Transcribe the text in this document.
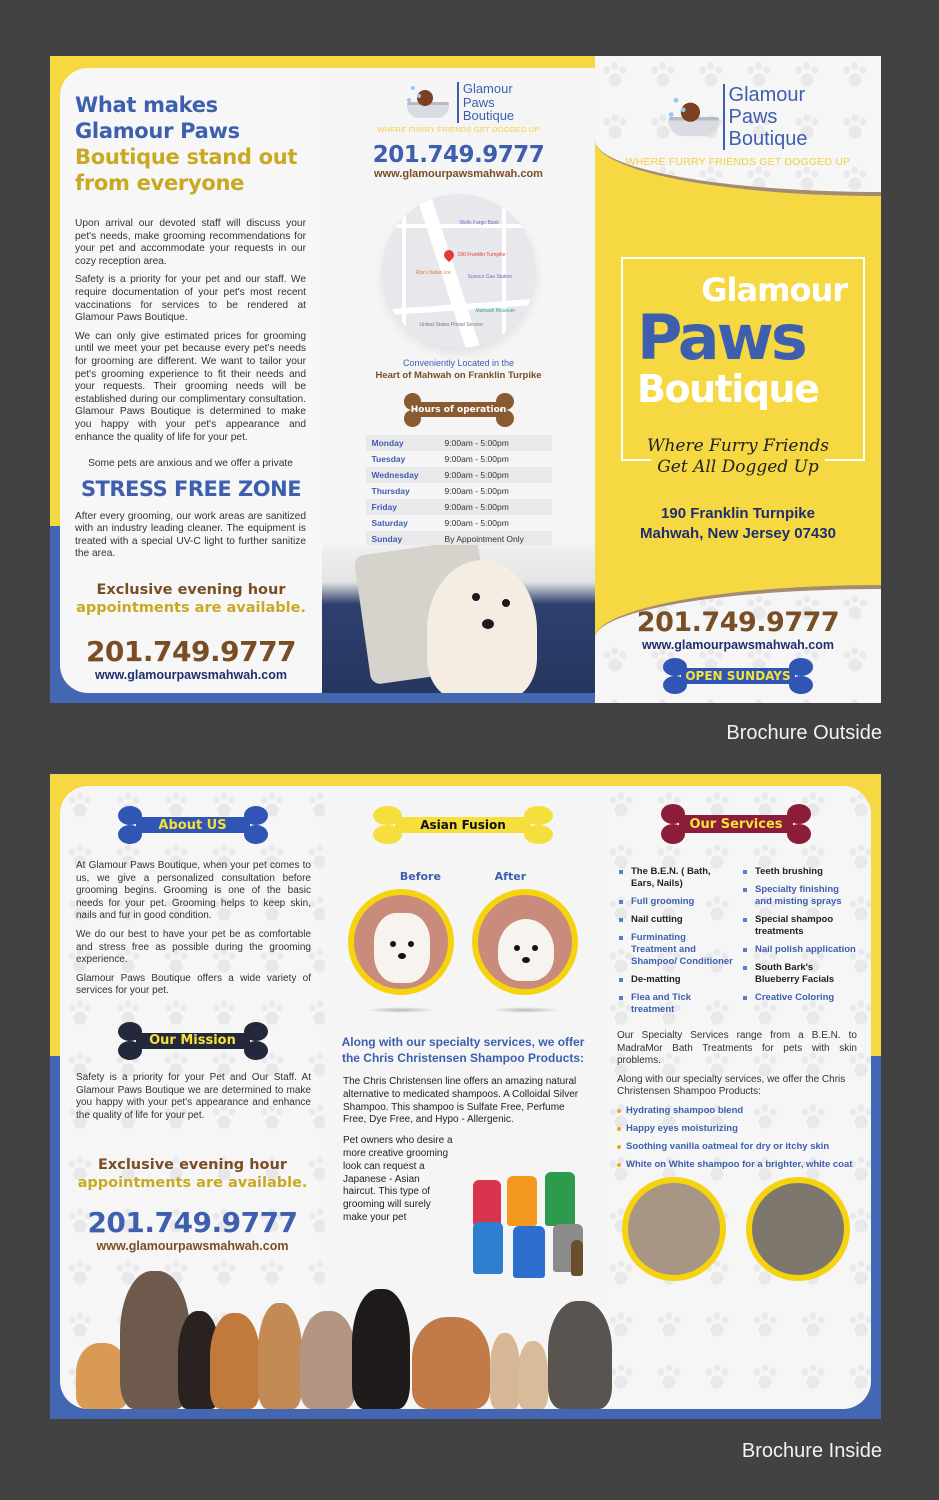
What makes
Glamour Paws
Boutique stand out
from everyone

Upon arrival our devoted staff will discuss your pet's needs, make grooming recommendations for your pet and accommodate your requests in our cozy reception area.

Safety is a priority for your pet and our staff. We require documentation of your pet's most recent vaccinations for services to be rendered at Glamour Paws Boutique.

We can only give estimated prices for grooming until we meet your pet because every pet's needs for grooming are different. We want to tailor your pet's grooming experience to fit their needs and your requests. Their grooming needs will be established during our complimentary consultation. Glamour Paws Boutique is determined to make you happy with your pet's appearance and enhance the quality of life for your pet.

Some pets are anxious and we offer a private

STRESS FREE ZONE

After every grooming, our work areas are sanitized with an industry leading cleaner. The equipment is treated with a special UV-C light to further sanitize the area.

Exclusive evening hour
appointments are available.
201.749.9777
www.glamourpawsmahwah.com
Glamour
Paws
Boutique
WHERE FURRY FRIENDS GET DOGGED UP
201.749.9777
www.glamourpawsmahwah.com
190 Franklin Turnpike
Rita's Italian Ice
Sunoco Gas Station
Wells Fargo Bank
Mahwah Museum
United States Postal Service
Conveniently Located in the
Heart of Mahwah on Franklin Turpike
Hours of operation
Monday	9:00am - 5:00pm
Tuesday	9:00am - 5:00pm
Wednesday	9:00am - 5:00pm
Thursday	9:00am - 5:00pm
Friday	9:00am - 5:00pm
Saturday	9:00am - 5:00pm
Sunday	By Appointment Only
Glamour
Paws
Boutique
WHERE FURRY FRIENDS GET DOGGED UP
Glamour
Paws
Boutique
Where Furry Friends
Get All Dogged Up
190 Franklin Turnpike
Mahwah, New Jersey 07430
201.749.9777
www.glamourpawsmahwah.com
OPEN SUNDAYS
Brochure Outside
About US

At Glamour Paws Boutique, when your pet comes to us, we give a personalized consultation before grooming begins. Grooming is one of the basic needs for your pet. Grooming helps to keep skin, nails and fur in good condition.

We do our best to have your pet be as comfortable and stress free as possible during the grooming experience.

Glamour Paws Boutique offers a wide variety of services for your pet.

Our Mission

Safety is a priority for your Pet and Our Staff. At Glamour Paws Boutique we are determined to make you happy with your pet's appearance and enhance the quality of life for your pet.

Exclusive evening hour
appointments are available.
201.749.9777
www.glamourpawsmahwah.com
Asian Fusion
Before	After
Along with our specialty services, we offer the Chris Christensen Shampoo Products:
The Chris Christensen line offers an amazing natural alternative to medicated shampoos. A Colloidal Silver Shampoo. This shampoo is Sulfate Free, Perfume Free, Dye Free, and Hypo - Allergenic.
Pet owners who desire a more creative grooming look can request a Japanese - Asian haircut. This type of grooming will surely make your pet
Our Services
The B.E.N. ( Bath, Ears, Nails)
Full grooming
Nail cutting
Furminating Treatment and Shampoo/ Conditioner
De-matting
Flea and Tick treatment
Teeth brushing
Specialty finishing and misting sprays
Special shampoo treatments
Nail polish application
South Bark's Blueberry Facials
Creative Coloring

Our Specialty Services range from a B.E.N. to MadraMor Bath Treatments for pets with skin problems.

Along with our specialty services, we offer the Chris Christensen Shampoo Products:

Hydrating shampoo blend
Happy eyes moisturizing
Soothing vanilla oatmeal for dry or itchy skin
White on White shampoo for a brighter, white coat
Brochure Inside
